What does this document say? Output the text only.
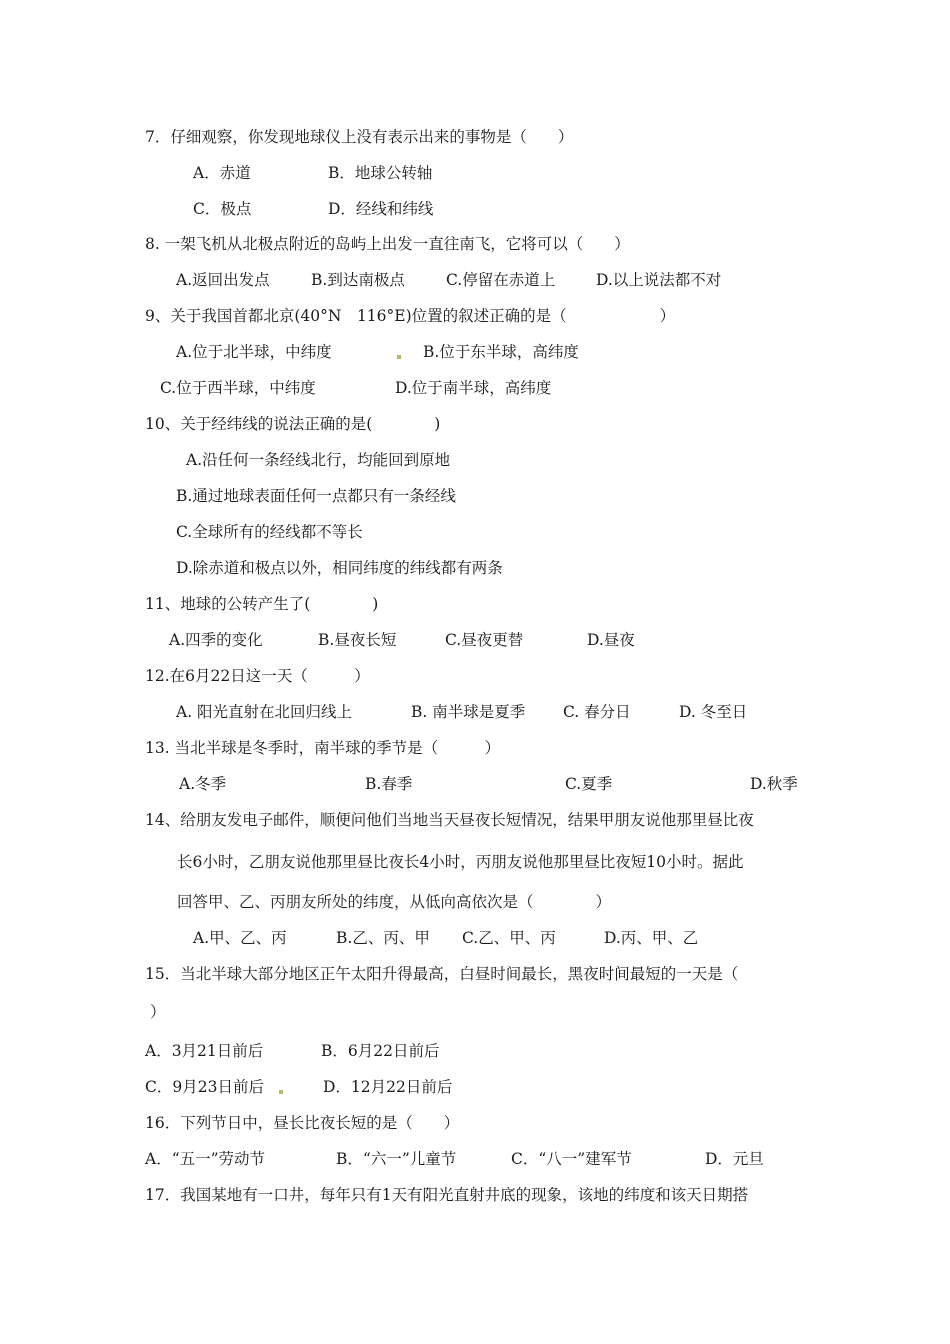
7．仔细观察，你发现地球仪上没有表示出来的事物是（　　）
A．赤道	B．地球公转轴
C．极点	D．经线和纬线
8. 一架飞机从北极点附近的岛屿上出发一直往南飞，它将可以（　　）
A.返回出发点	B.到达南极点	C.停留在赤道上	D.以上说法都不对
9、关于我国首都北京(40°N　116°E)位置的叙述正确的是（　　　　　　）
A.位于北半球，中纬度	B.位于东半球，高纬度
C.位于西半球，中纬度	D.位于南半球，高纬度
10、关于经纬线的说法正确的是(　　　　)
A.沿任何一条经线北行，均能回到原地
B.通过地球表面任何一点都只有一条经线
C.全球所有的经线都不等长
D.除赤道和极点以外，相同纬度的纬线都有两条
11、地球的公转产生了(　　　　)
A.四季的变化	B.昼夜长短	C.昼夜更替	D.昼夜
12.在6月22日这一天（　　　）
A. 阳光直射在北回归线上	B. 南半球是夏季 C. 春分日	D. 冬至日
13. 当北半球是冬季时，南半球的季节是（　　　）
A.冬季	B.春季	C.夏季	D.秋季
14、给朋友发电子邮件，顺便问他们当地当天昼夜长短情况，结果甲朋友说他那里昼比夜
长6小时，乙朋友说他那里昼比夜长4小时，丙朋友说他那里昼比夜短10小时。据此
回答甲、乙、丙朋友所处的纬度，从低向高依次是（　　　　）
A.甲、乙、丙	B.乙、丙、甲 C.乙、甲、丙	D.丙、甲、乙
15．当北半球大部分地区正午太阳升得最高，白昼时间最长，黑夜时间最短的一天是（
）
A．3月21日前后	B．6月22日前后
C．9月23日前后	D．12月22日前后
16．下列节日中，昼长比夜长短的是（　　）
A．“五一”劳动节	B．“六一”儿童节	C．“八一”建军节	D．元旦
17．我国某地有一口井，每年只有1天有阳光直射井底的现象，该地的纬度和该天日期搭
